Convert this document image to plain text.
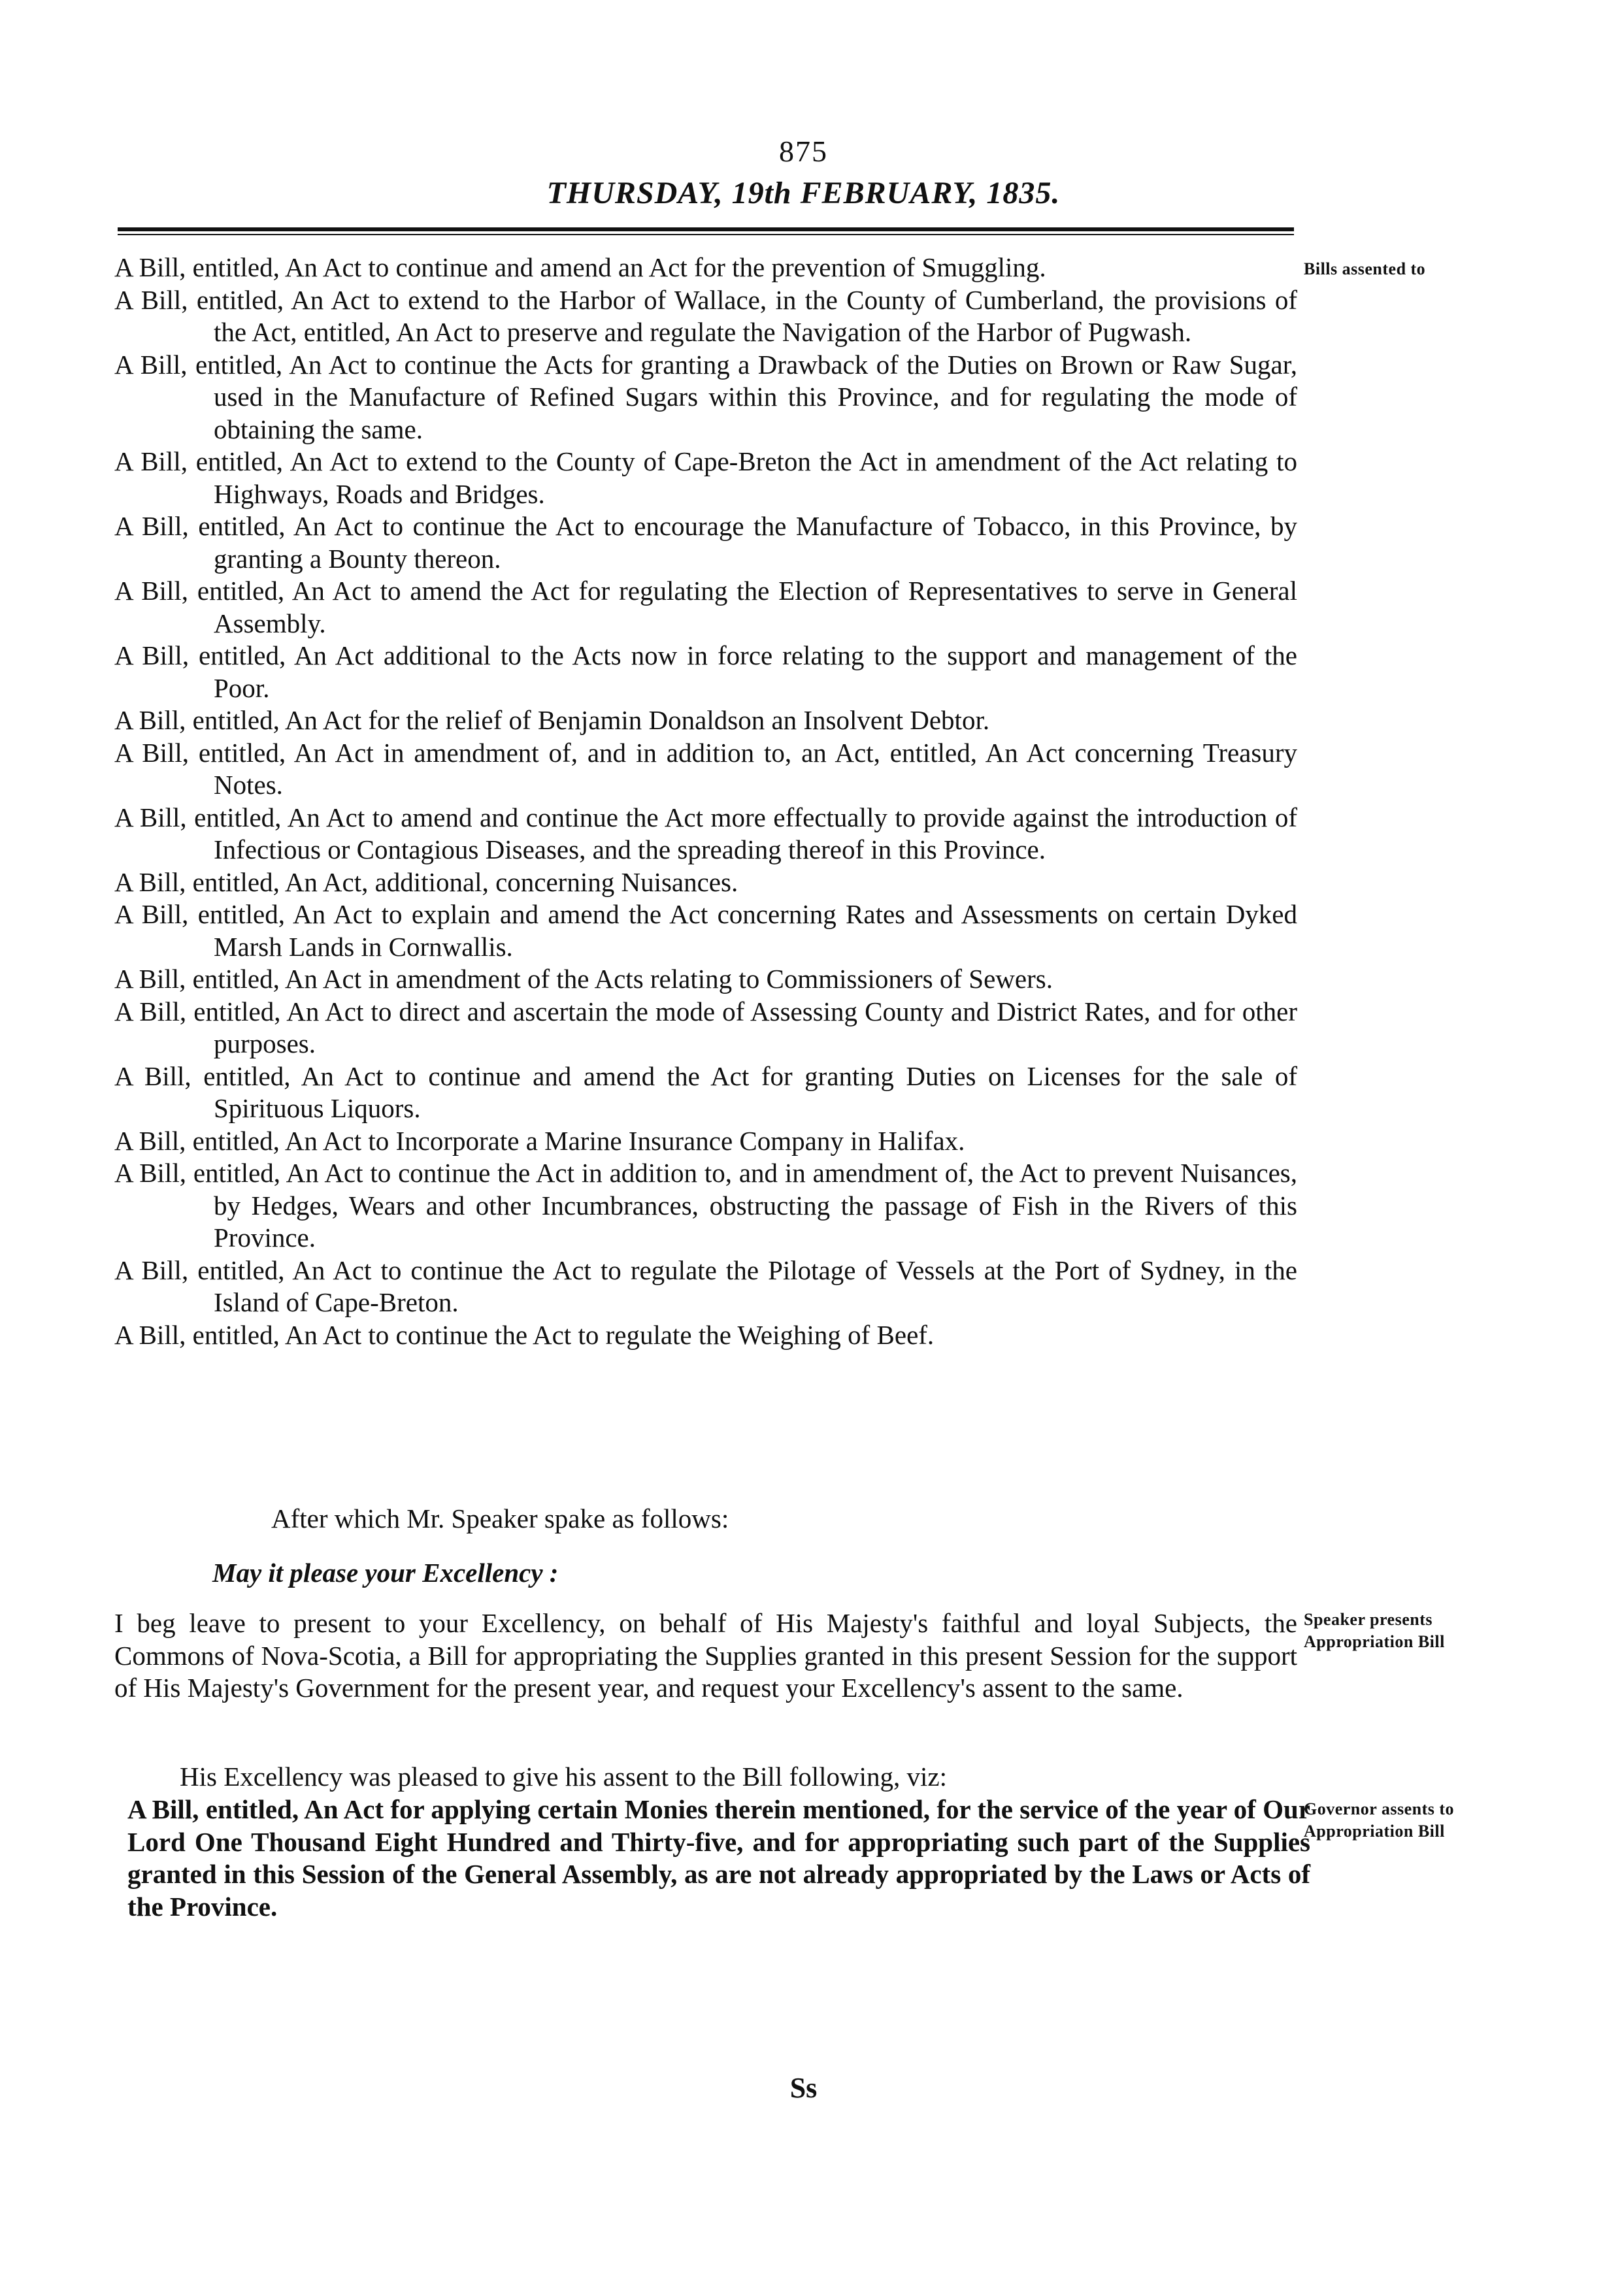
875
THURSDAY, 19th FEBRUARY, 1835.
Bills assented to
A Bill, entitled, An Act to continue and amend an Act for the prevention of Smuggling.
A Bill, entitled, An Act to extend to the Harbor of Wallace, in the County of Cumberland, the provisions of the Act, entitled, An Act to preserve and regulate the Navigation of the Harbor of Pugwash.
A Bill, entitled, An Act to continue the Acts for granting a Drawback of the Duties on Brown or Raw Sugar, used in the Manufacture of Refined Sugars within this Province, and for regulating the mode of obtaining the same.
A Bill, entitled, An Act to extend to the County of Cape-Breton the Act in amendment of the Act relating to Highways, Roads and Bridges.
A Bill, entitled, An Act to continue the Act to encourage the Manufacture of Tobacco, in this Province, by granting a Bounty thereon.
A Bill, entitled, An Act to amend the Act for regulating the Election of Representatives to serve in General Assembly.
A Bill, entitled, An Act additional to the Acts now in force relating to the support and management of the Poor.
A Bill, entitled, An Act for the relief of Benjamin Donaldson an Insolvent Debtor.
A Bill, entitled, An Act in amendment of, and in addition to, an Act, entitled, An Act concerning Treasury Notes.
A Bill, entitled, An Act to amend and continue the Act more effectually to provide against the introduction of Infectious or Contagious Diseases, and the spreading thereof in this Province.
A Bill, entitled, An Act, additional, concerning Nuisances.
A Bill, entitled, An Act to explain and amend the Act concerning Rates and Assessments on certain Dyked Marsh Lands in Cornwallis.
A Bill, entitled, An Act in amendment of the Acts relating to Commissioners of Sewers.
A Bill, entitled, An Act to direct and ascertain the mode of Assessing County and District Rates, and for other purposes.
A Bill, entitled, An Act to continue and amend the Act for granting Duties on Licenses for the sale of Spirituous Liquors.
A Bill, entitled, An Act to Incorporate a Marine Insurance Company in Halifax.
A Bill, entitled, An Act to continue the Act in addition to, and in amendment of, the Act to prevent Nuisances, by Hedges, Wears and other Incumbrances, obstructing the passage of Fish in the Rivers of this Province.
A Bill, entitled, An Act to continue the Act to regulate the Pilotage of Vessels at the Port of Sydney, in the Island of Cape-Breton.
A Bill, entitled, An Act to continue the Act to regulate the Weighing of Beef.
After which Mr. Speaker spake as follows:
May it please your Excellency :
I beg leave to present to your Excellency, on behalf of His Majesty's faithful and loyal Subjects, the Commons of Nova-Scotia, a Bill for appropriating the Supplies granted in this present Session for the support of His Majesty's Government for the present year, and request your Excellency's assent to the same.
Speaker presents Appropriation Bill
His Excellency was pleased to give his assent to the Bill following, viz:
A Bill, entitled, An Act for applying certain Monies therein mentioned, for the service of the year of Our Lord One Thousand Eight Hundred and Thirty-five, and for appropriating such part of the Supplies granted in this Session of the General Assembly, as are not already appropriated by the Laws or Acts of the Province.
Governor assents to Appropriation Bill
Ss
